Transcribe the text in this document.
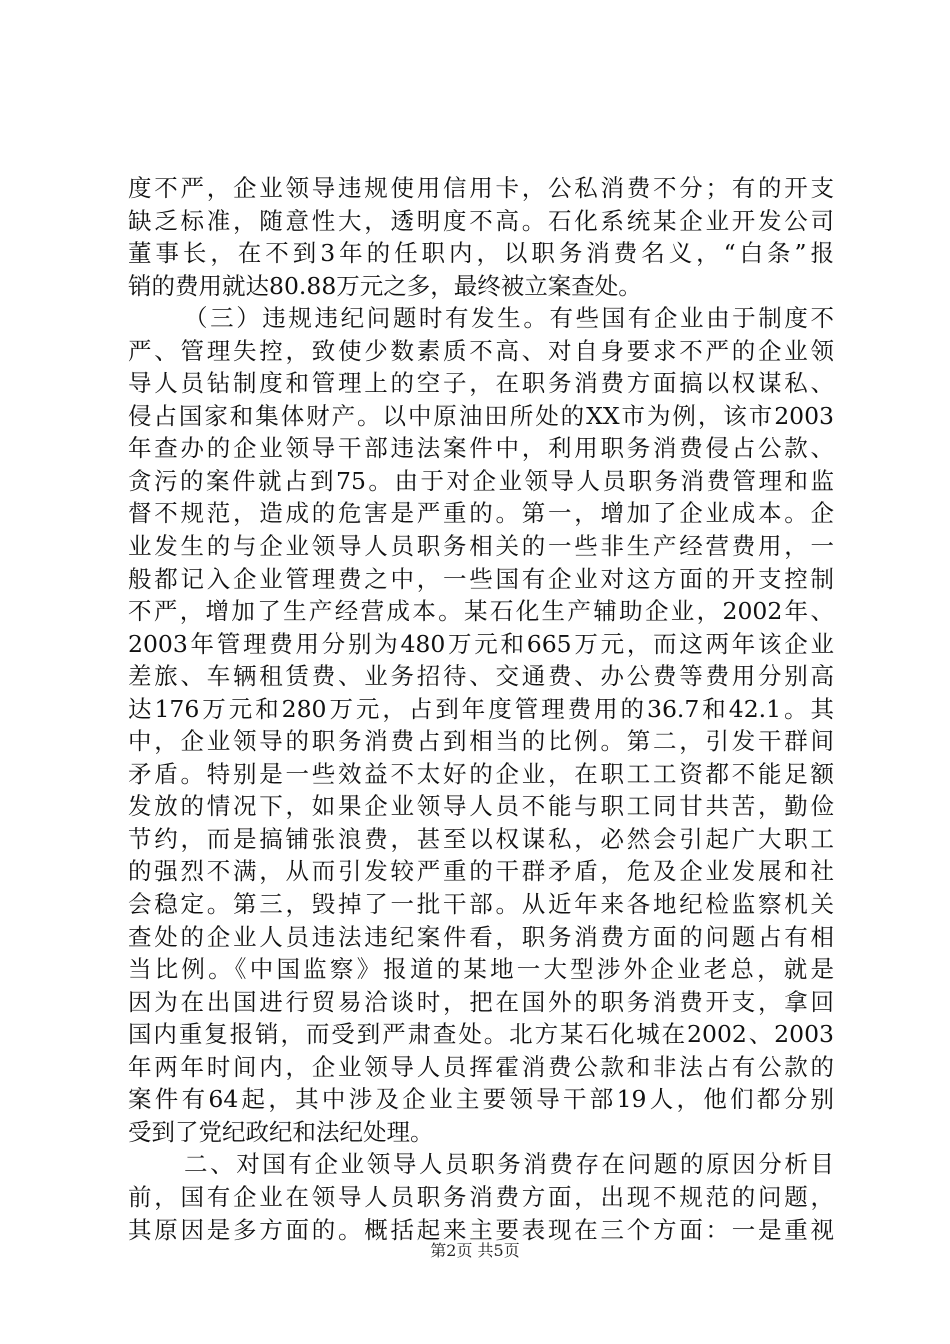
度不严，企业领导违规使用信用卡，公私消费不分；有的开支
缺乏标准，随意性大，透明度不高。石化系统某企业开发公司
董事长，在不到3年的任职内，以职务消费名义，“白条”报
销的费用就达80.88万元之多，最终被立案查处。
（三）违规违纪问题时有发生。有些国有企业由于制度不
严、管理失控，致使少数素质不高、对自身要求不严的企业领
导人员钻制度和管理上的空子，在职务消费方面搞以权谋私、
侵占国家和集体财产。以中原油田所处的XX市为例，该市2003
年查办的企业领导干部违法案件中，利用职务消费侵占公款、
贪污的案件就占到75。由于对企业领导人员职务消费管理和监
督不规范，造成的危害是严重的。第一，增加了企业成本。企
业发生的与企业领导人员职务相关的一些非生产经营费用，一
般都记入企业管理费之中，一些国有企业对这方面的开支控制
不严，增加了生产经营成本。某石化生产辅助企业，2002年、
2003年管理费用分别为480万元和665万元，而这两年该企业
差旅、车辆租赁费、业务招待、交通费、办公费等费用分别高
达176万元和280万元，占到年度管理费用的36.7和42.1。其
中，企业领导的职务消费占到相当的比例。第二，引发干群间
矛盾。特别是一些效益不太好的企业，在职工工资都不能足额
发放的情况下，如果企业领导人员不能与职工同甘共苦，勤俭
节约，而是搞铺张浪费，甚至以权谋私，必然会引起广大职工
的强烈不满，从而引发较严重的干群矛盾，危及企业发展和社
会稳定。第三，毁掉了一批干部。从近年来各地纪检监察机关
查处的企业人员违法违纪案件看，职务消费方面的问题占有相
当比例。《中国监察》报道的某地一大型涉外企业老总，就是
因为在出国进行贸易洽谈时，把在国外的职务消费开支，拿回
国内重复报销，而受到严肃查处。北方某石化城在2002、2003
年两年时间内，企业领导人员挥霍消费公款和非法占有公款的
案件有64起，其中涉及企业主要领导干部19人，他们都分别
受到了党纪政纪和法纪处理。
二、对国有企业领导人员职务消费存在问题的原因分析目
前，国有企业在领导人员职务消费方面，出现不规范的问题，
其原因是多方面的。概括起来主要表现在三个方面：一是重视
第2页 共5页
